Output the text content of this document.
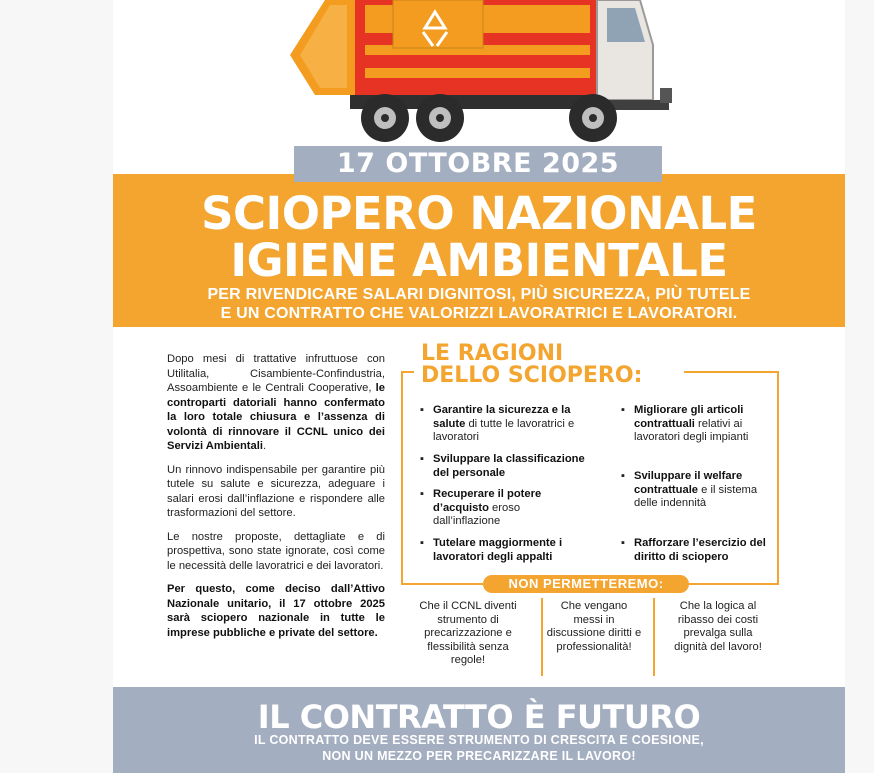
SCIOPERO NAZIONALE
IGIENE AMBIENTALE
PER RIVENDICARE SALARI DIGNITOSI, PIÙ SICUREZZA, PIÙ TUTELE
E UN CONTRATTO CHE VALORIZZI LAVORATRICI E LAVORATORI.
17 OTTOBRE 2025

Dopo mesi di trattative infruttuose con Utilitalia, Cisambiente-Confindustria, Assoambiente e le Centrali Cooperative, le controparti datoriali hanno confermato la loro totale chiusura e l’assenza di volontà di rinnovare il CCNL unico dei Servizi Ambientali.

Un rinnovo indispensabile per garantire più tutele su salute e sicurezza, adeguare i salari erosi dall’inflazione e rispondere alle trasformazioni del settore.

Le nostre proposte, dettagliate e di prospettiva, sono state ignorate, così come le necessità delle lavoratrici e dei lavoratori.

Per questo, come deciso dall’Attivo Nazionale unitario, il 17 ottobre 2025 sarà sciopero nazionale in tutte le imprese pubbliche e private del settore.

LE RAGIONI
DELLO SCIOPERO:
▪ Garantire la sicurezza e la salute di tutte le lavoratrici e lavoratori
▪ Sviluppare la classificazione del personale
▪ Recuperare il potere d’acquisto eroso dall’inflazione
▪ Tutelare maggiormente i lavoratori degli appalti
▪ Migliorare gli articoli contrattuali relativi ai lavoratori degli impianti
▪ Sviluppare il welfare contrattuale e il sistema delle indennità
▪ Rafforzare l’esercizio del diritto di sciopero
NON PERMETTEREMO:
Che il CCNL diventi strumento di precarizzazione e flessibilità senza regole!
Che vengano messi in discussione diritti e professionalità!
Che la logica al ribasso dei costi prevalga sulla dignità del lavoro!
IL CONTRATTO È FUTURO
IL CONTRATTO DEVE ESSERE STRUMENTO DI CRESCITA E COESIONE,
NON UN MEZZO PER PRECARIZZARE IL LAVORO!
